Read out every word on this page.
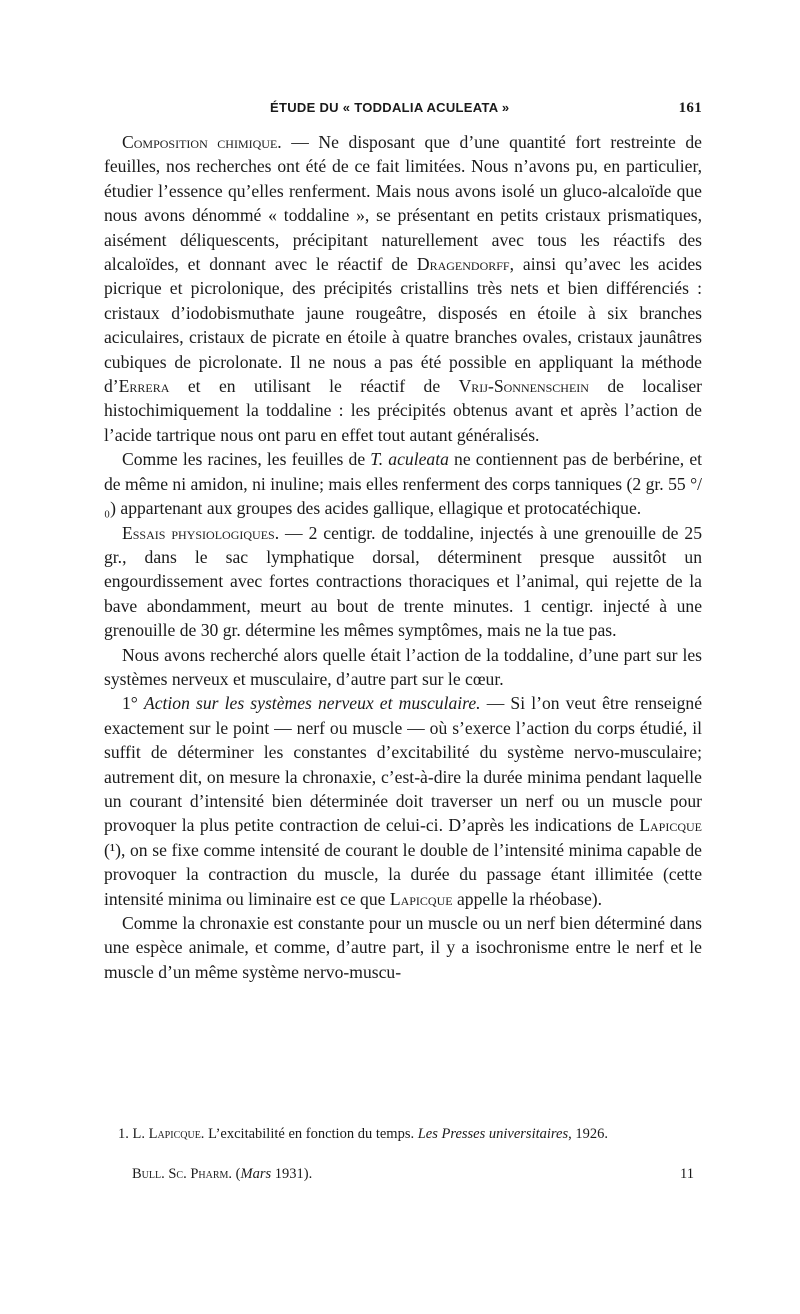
ÉTUDE DU « TODDALIA ACULEATA »	161

Composition chimique. — Ne disposant que d’une quantité fort restreinte de feuilles, nos recherches ont été de ce fait limitées. Nous n’avons pu, en particulier, étudier l’essence qu’elles renferment. Mais nous avons isolé un gluco-alcaloïde que nous avons dénommé « toddaline », se présentant en petits cristaux prismatiques, aisément déliquescents, précipitant naturellement avec tous les réactifs des alcaloïdes, et donnant avec le réactif de Dragendorff, ainsi qu’avec les acides picrique et picrolonique, des précipités cristallins très nets et bien différenciés : cristaux d’iodobismuthate jaune rougeâtre, disposés en étoile à six branches aciculaires, cristaux de picrate en étoile à quatre branches ovales, cristaux jaunâtres cubiques de picrolonate. Il ne nous a pas été possible en appliquant la méthode d’Errera et en utilisant le réactif de Vrij-Sonnenschein de localiser histochimiquement la toddaline : les précipités obtenus avant et après l’action de l’acide tartrique nous ont paru en effet tout autant généralisés.

Comme les racines, les feuilles de T. aculeata ne contiennent pas de berbérine, et de même ni amidon, ni inuline; mais elles renferment des corps tanniques (2 gr. 55 °/₀) appartenant aux groupes des acides gallique, ellagique et protocatéchique.

Essais physiologiques. — 2 centigr. de toddaline, injectés à une grenouille de 25 gr., dans le sac lymphatique dorsal, déterminent presque aussitôt un engourdissement avec fortes contractions thoraciques et l’animal, qui rejette de la bave abondamment, meurt au bout de trente minutes. 1 centigr. injecté à une grenouille de 30 gr. détermine les mêmes symptômes, mais ne la tue pas.

Nous avons recherché alors quelle était l’action de la toddaline, d’une part sur les systèmes nerveux et musculaire, d’autre part sur le cœur.

1° Action sur les systèmes nerveux et musculaire. — Si l’on veut être renseigné exactement sur le point — nerf ou muscle — où s’exerce l’action du corps étudié, il suffit de déterminer les constantes d’excitabilité du système nervo-musculaire; autrement dit, on mesure la chronaxie, c’est-à-dire la durée minima pendant laquelle un courant d’intensité bien déterminée doit traverser un nerf ou un muscle pour provoquer la plus petite contraction de celui-ci. D’après les indications de Lapicque (¹), on se fixe comme intensité de courant le double de l’intensité minima capable de provoquer la contraction du muscle, la durée du passage étant illimitée (cette intensité minima ou liminaire est ce que Lapicque appelle la rhéobase).

Comme la chronaxie est constante pour un muscle ou un nerf bien déterminé dans une espèce animale, et comme, d’autre part, il y a isochronisme entre le nerf et le muscle d’un même système nervo-muscu-

1. L. Lapicque. L’excitabilité en fonction du temps. Les Presses universitaires, 1926.

Bull. Sc. Pharm. (Mars 1931).	11
